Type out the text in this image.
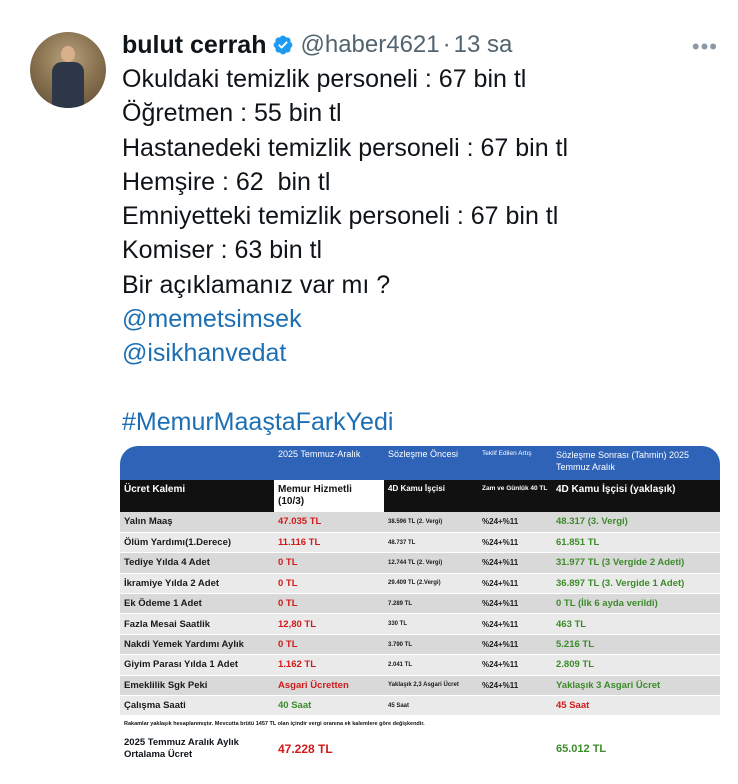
bulut cerrah @haber4621 · 13 sa	•••
Okuldaki temizlik personeli : 67 bin tl
Öğretmen : 55 bin tl
Hastanedeki temizlik personeli : 67 bin tl
Hemşire : 62  bin tl
Emniyetteki temizlik personeli : 67 bin tl
Komiser : 63 bin tl
Bir açıklamanız var mı ?
@memetsimsek
@isikhanvedat
#MemurMaaştaFarkYedi
	2025 Temmuz-Aralık	Sözleşme Öncesi	Teklif Edilen Artış	Sözleşme Sonrası (Tahmin) 2025 Temmuz Aralık
Ücret Kalemi	Memur Hizmetli (10/3)	4D Kamu İşçisi	Zam ve Günlük 40 TL	4D Kamu İşçisi (yaklaşık)
Yalın Maaş	47.035 TL	38.596 TL (2. Vergi)	%24+%11	48.317 (3. Vergi)
Ölüm Yardımı(1.Derece)	11.116 TL	48.737 TL	%24+%11	61.851 TL
Tediye Yılda 4 Adet	0 TL	12.744 TL (2. Vergi)	%24+%11	31.977 TL (3 Vergide 2 Adeti)
İkramiye Yılda 2 Adet	0 TL	29.409 TL (2.Vergi)	%24+%11	36.897 TL (3. Vergide 1 Adet)
Ek Ödeme 1 Adet	0 TL	7.289 TL	%24+%11	0 TL (İlk 6 ayda verildi)
Fazla Mesai Saatlik	12,80 TL	330 TL	%24+%11	463 TL
Nakdi Yemek Yardımı Aylık	0 TL	3.790 TL	%24+%11	5.216 TL
Giyim Parası Yılda 1 Adet	1.162 TL	2.041 TL	%24+%11	2.809 TL
Emeklilik Sgk Peki	Asgari Ücretten	Yaklaşık 2,3 Asgari Ücret	%24+%11	Yaklaşık 3 Asgari Ücret
Çalışma Saati	40 Saat	45 Saat		45 Saat
Rakamlar yaklaşık hesaplanmıştır. Mevcutta brütü 1457 TL olan içindir vergi oranına ek kalemlere göre değişkendir.				

2025 Temmuz Aralık Aylık Ortalama Ücret	47.228 TL			65.012 TL
